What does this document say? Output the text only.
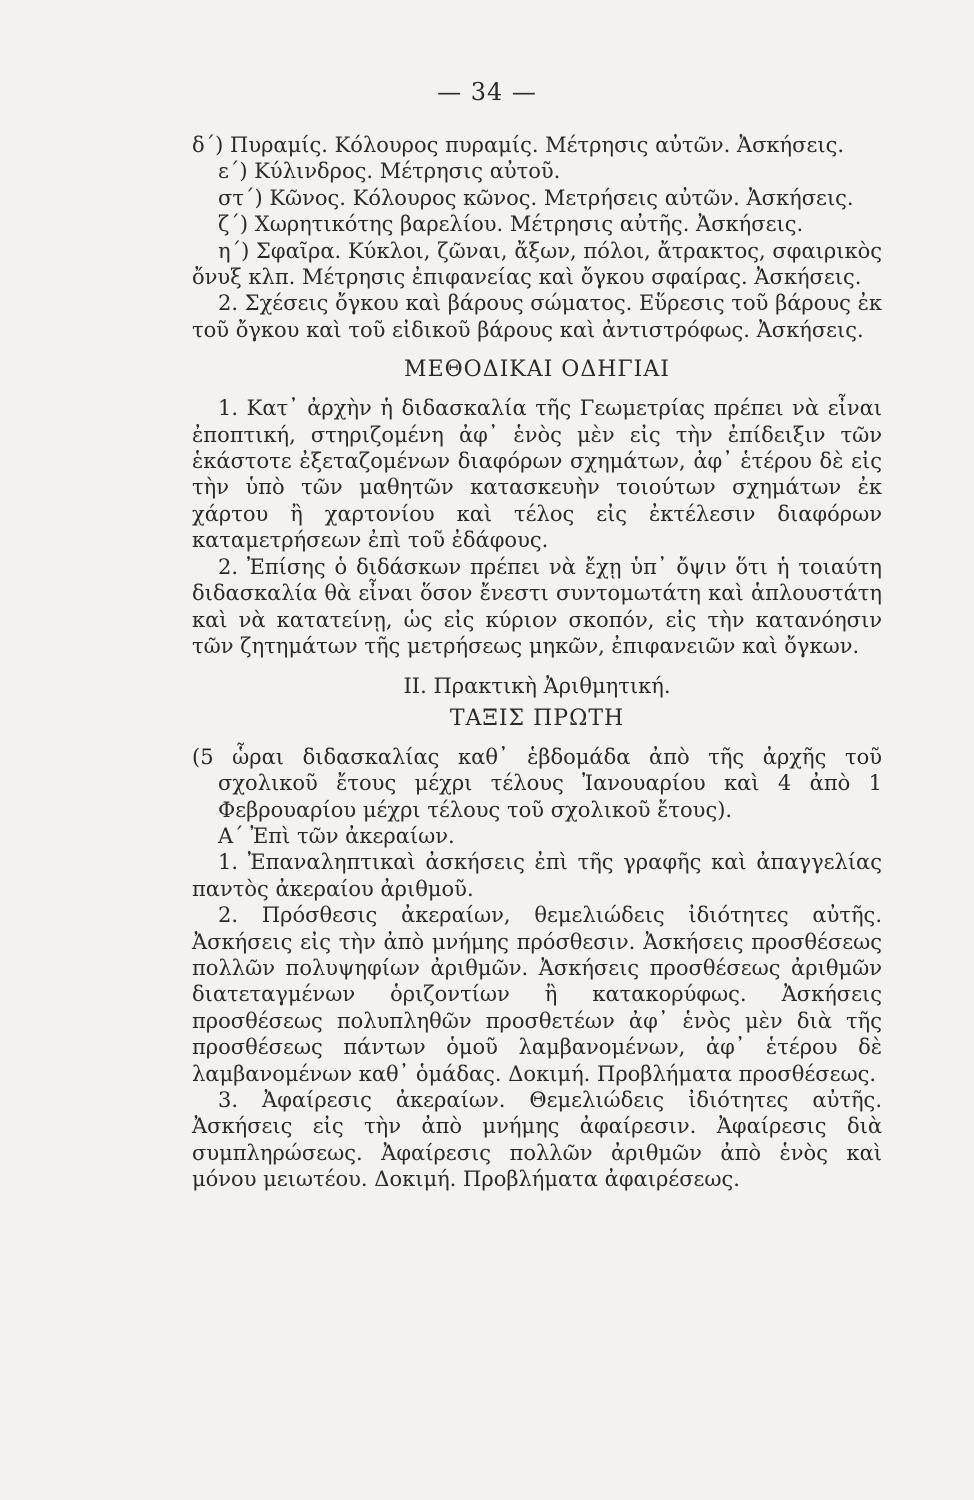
— 34 —

δ΄) Πυραμίς. Κόλουρος πυραμίς. Μέτρησις αὐτῶν. Ἀσκήσεις.

ε΄) Κύλινδρος. Μέτρησις αὐτοῦ.

στ΄) Κῶνος. Κόλουρος κῶνος. Μετρήσεις αὐτῶν. Ἀσκήσεις.

ζ΄) Χωρητικότης βαρελίου. Μέτρησις αὐτῆς. Ἀσκήσεις.

η΄) Σφαῖρα. Κύκλοι, ζῶναι, ἄξων, πόλοι, ἄτρακτος, σφαιρικὸς ὄνυξ κλπ. Μέτρησις ἐπιφανείας καὶ ὄγκου σφαίρας. Ἀσκήσεις.

2. Σχέσεις ὄγκου καὶ βάρους σώματος. Εὕρεσις τοῦ βάρους ἐκ τοῦ ὄγκου καὶ τοῦ εἰδικοῦ βάρους καὶ ἀντιστρόφως. Ἀσκήσεις.

ΜΕΘΟΔΙΚΑΙ ΟΔΗΓΙΑΙ

1. Κατ᾽ ἀρχὴν ἡ διδασκαλία τῆς Γεωμετρίας πρέπει νὰ εἶναι ἐποπτική, στηριζομένη ἀφ᾽ ἑνὸς μὲν εἰς τὴν ἐπίδειξιν τῶν ἑκάστοτε ἐξεταζομένων διαφόρων σχημάτων, ἀφ᾽ ἑτέρου δὲ εἰς τὴν ὑπὸ τῶν μαθητῶν κατασκευὴν τοιούτων σχημάτων ἐκ χάρτου ἢ χαρτονίου καὶ τέλος εἰς ἐκτέλεσιν διαφόρων καταμετρήσεων ἐπὶ τοῦ ἐδάφους.

2. Ἐπίσης ὁ διδάσκων πρέπει νὰ ἔχῃ ὑπ᾽ ὄψιν ὅτι ἡ τοιαύτη διδασκαλία θὰ εἶναι ὅσον ἔνεστι συντομωτάτη καὶ ἁπλουστάτη καὶ νὰ κατατείνῃ, ὡς εἰς κύριον σκοπόν, εἰς τὴν κατανόησιν τῶν ζητημάτων τῆς μετρήσεως μηκῶν, ἐπιφανειῶν καὶ ὄγκων.

ΙΙ. Πρακτικὴ Ἀριθμητική.
ΤΑΞΙΣ ΠΡΩΤΗ

(5 ὧραι διδασκαλίας καθ᾽ ἑβδομάδα ἀπὸ τῆς ἀρχῆς τοῦ σχολικοῦ ἔτους μέχρι τέλους Ἰανουαρίου καὶ 4 ἀπὸ 1 Φεβρουαρίου μέχρι τέλους τοῦ σχολικοῦ ἔτους).

Α΄ Ἐπὶ τῶν ἀκεραίων.

1. Ἐπαναληπτικαὶ ἀσκήσεις ἐπὶ τῆς γραφῆς καὶ ἀπαγγελίας παντὸς ἀκεραίου ἀριθμοῦ.

2. Πρόσθεσις ἀκεραίων, θεμελιώδεις ἰδιότητες αὐτῆς. Ἀσκήσεις εἰς τὴν ἀπὸ μνήμης πρόσθεσιν. Ἀσκήσεις προσθέσεως πολλῶν πολυψηφίων ἀριθμῶν. Ἀσκήσεις προσθέσεως ἀριθμῶν διατεταγμένων ὁριζοντίων ἢ κατακορύφως. Ἀσκήσεις προσθέσεως πολυπληθῶν προσθετέων ἀφ᾽ ἑνὸς μὲν διὰ τῆς προσθέσεως πάντων ὁμοῦ λαμβανομένων, ἀφ᾽ ἑτέρου δὲ λαμβανομένων καθ᾽ ὁμάδας. Δοκιμή. Προβλήματα προσθέσεως.

3. Ἀφαίρεσις ἀκεραίων. Θεμελιώδεις ἰδιότητες αὐτῆς. Ἀσκήσεις εἰς τὴν ἀπὸ μνήμης ἀφαίρεσιν. Ἀφαίρεσις διὰ συμπληρώσεως. Ἀφαίρεσις πολλῶν ἀριθμῶν ἀπὸ ἑνὸς καὶ μόνου μειωτέου. Δοκιμή. Προβλήματα ἀφαιρέσεως.
